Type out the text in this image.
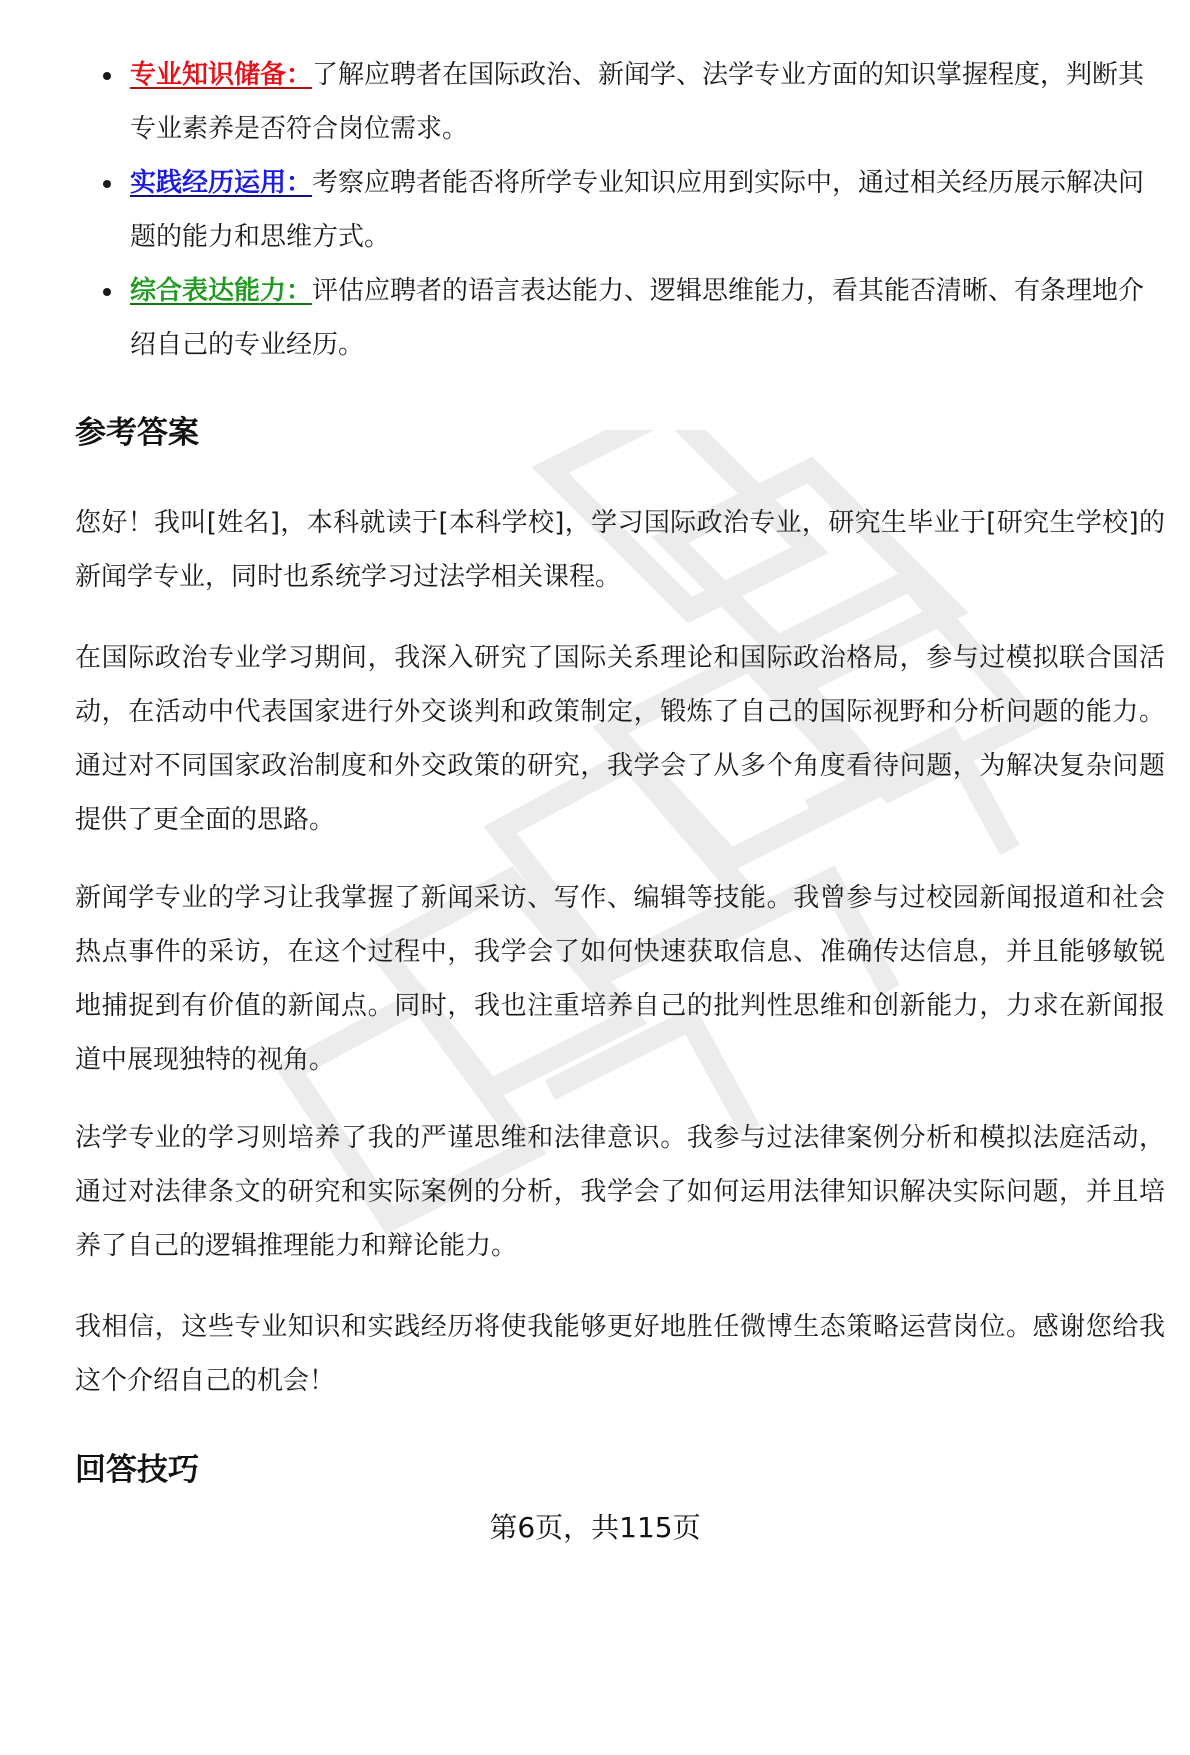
专业知识储备：了解应聘者在国际政治、新闻学、法学专业方面的知识掌握程度，判断其专业素养是否符合岗位需求。
实践经历运用：考察应聘者能否将所学专业知识应用到实际中，通过相关经历展示解决问题的能力和思维方式。
综合表达能力：评估应聘者的语言表达能力、逻辑思维能力，看其能否清晰、有条理地介绍自己的专业经历。
参考答案

您好！我叫[姓名]，本科就读于[本科学校]，学习国际政治专业，研究生毕业于[研究生学校]的新闻学专业，同时也系统学习过法学相关课程。

在国际政治专业学习期间，我深入研究了国际关系理论和国际政治格局，参与过模拟联合国活动，在活动中代表国家进行外交谈判和政策制定，锻炼了自己的国际视野和分析问题的能力。通过对不同国家政治制度和外交政策的研究，我学会了从多个角度看待问题，为解决复杂问题提供了更全面的思路。

新闻学专业的学习让我掌握了新闻采访、写作、编辑等技能。我曾参与过校园新闻报道和社会热点事件的采访，在这个过程中，我学会了如何快速获取信息、准确传达信息，并且能够敏锐地捕捉到有价值的新闻点。同时，我也注重培养自己的批判性思维和创新能力，力求在新闻报道中展现独特的视角。

法学专业的学习则培养了我的严谨思维和法律意识。我参与过法律案例分析和模拟法庭活动，通过对法律条文的研究和实际案例的分析，我学会了如何运用法律知识解决实际问题，并且培养了自己的逻辑推理能力和辩论能力。

我相信，这些专业知识和实践经历将使我能够更好地胜任微博生态策略运营岗位。感谢您给我这个介绍自己的机会！

回答技巧
第6页，共115页
